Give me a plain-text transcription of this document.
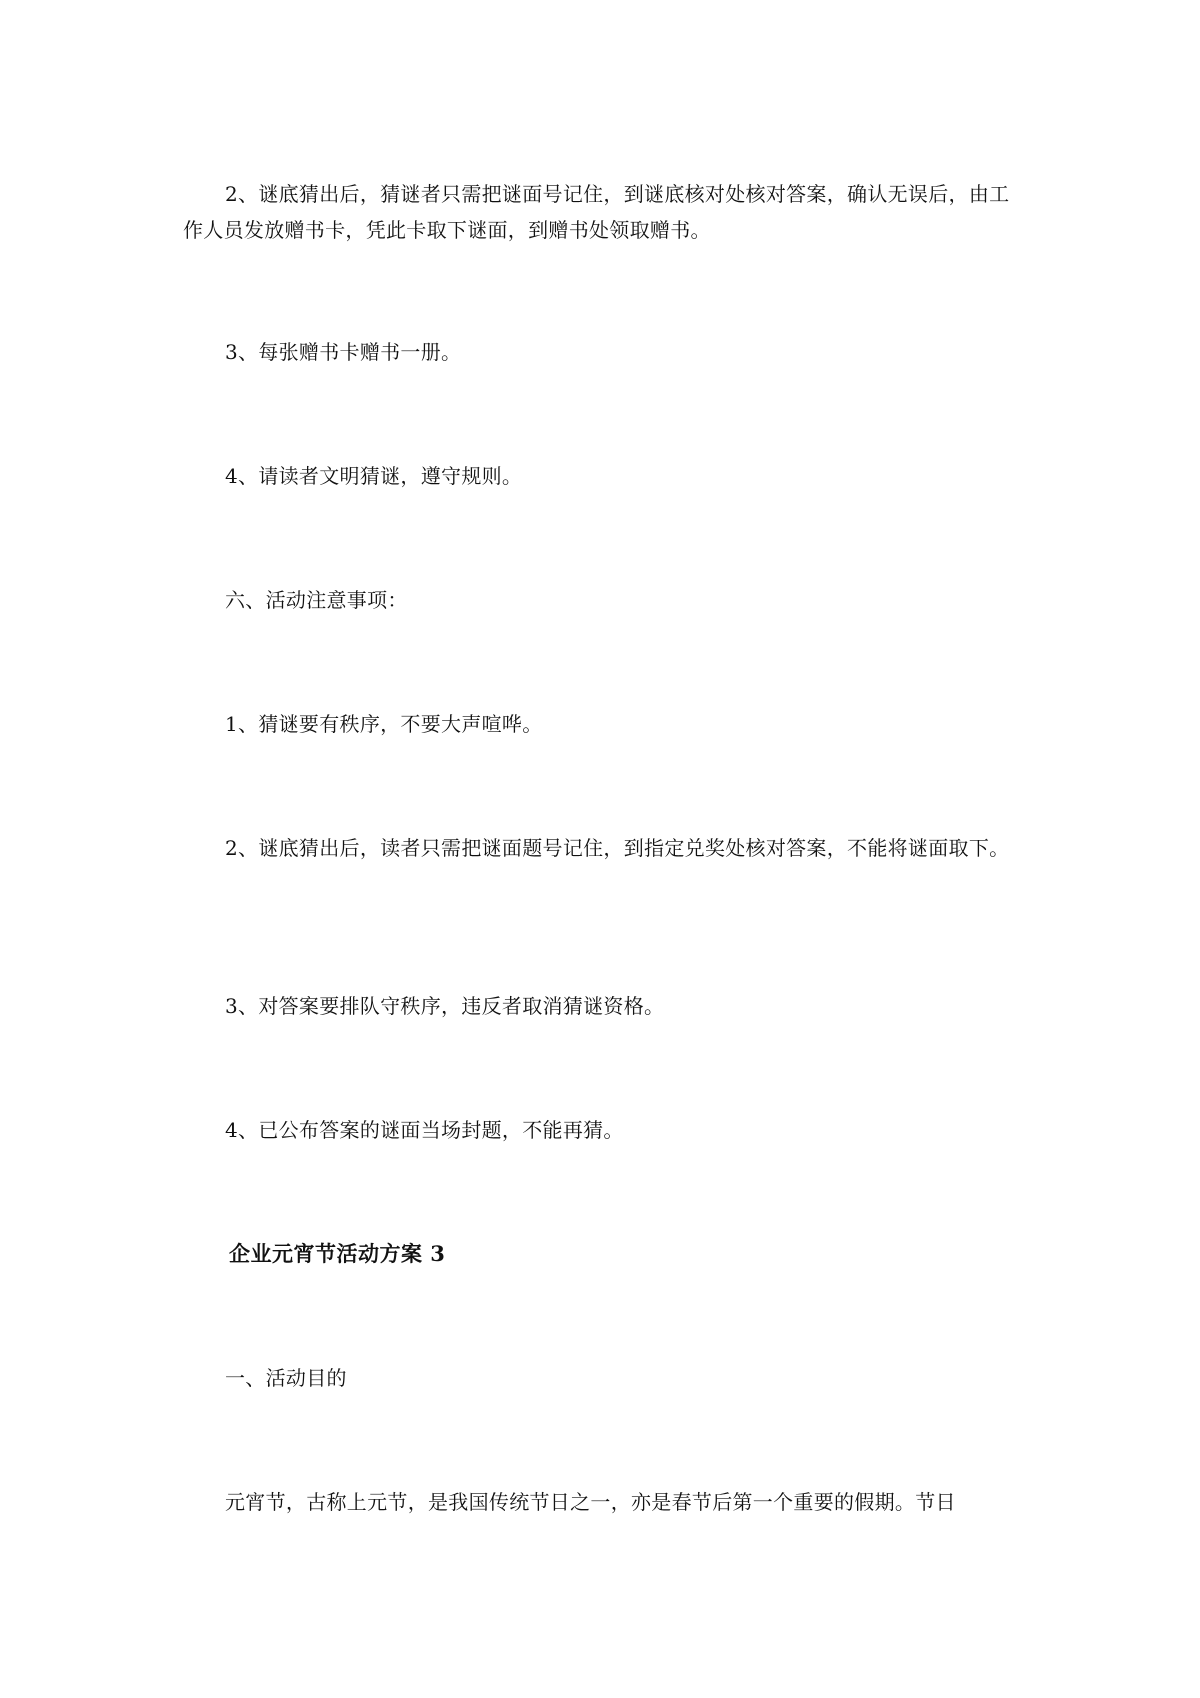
2、谜底猜出后，猜谜者只需把谜面号记住，到谜底核对处核对答案，确认无误后，由工作人员发放赠书卡，凭此卡取下谜面，到赠书处领取赠书。

3、每张赠书卡赠书一册。

4、请读者文明猜谜，遵守规则。

六、活动注意事项：

1、猜谜要有秩序，不要大声喧哗。

2、谜底猜出后，读者只需把谜面题号记住，到指定兑奖处核对答案，不能将谜面取下。

3、对答案要排队守秩序，违反者取消猜谜资格。

4、已公布答案的谜面当场封题，不能再猜。

企业元宵节活动方案 3

一、活动目的

元宵节，古称上元节，是我国传统节日之一，亦是春节后第一个重要的假期。节日
